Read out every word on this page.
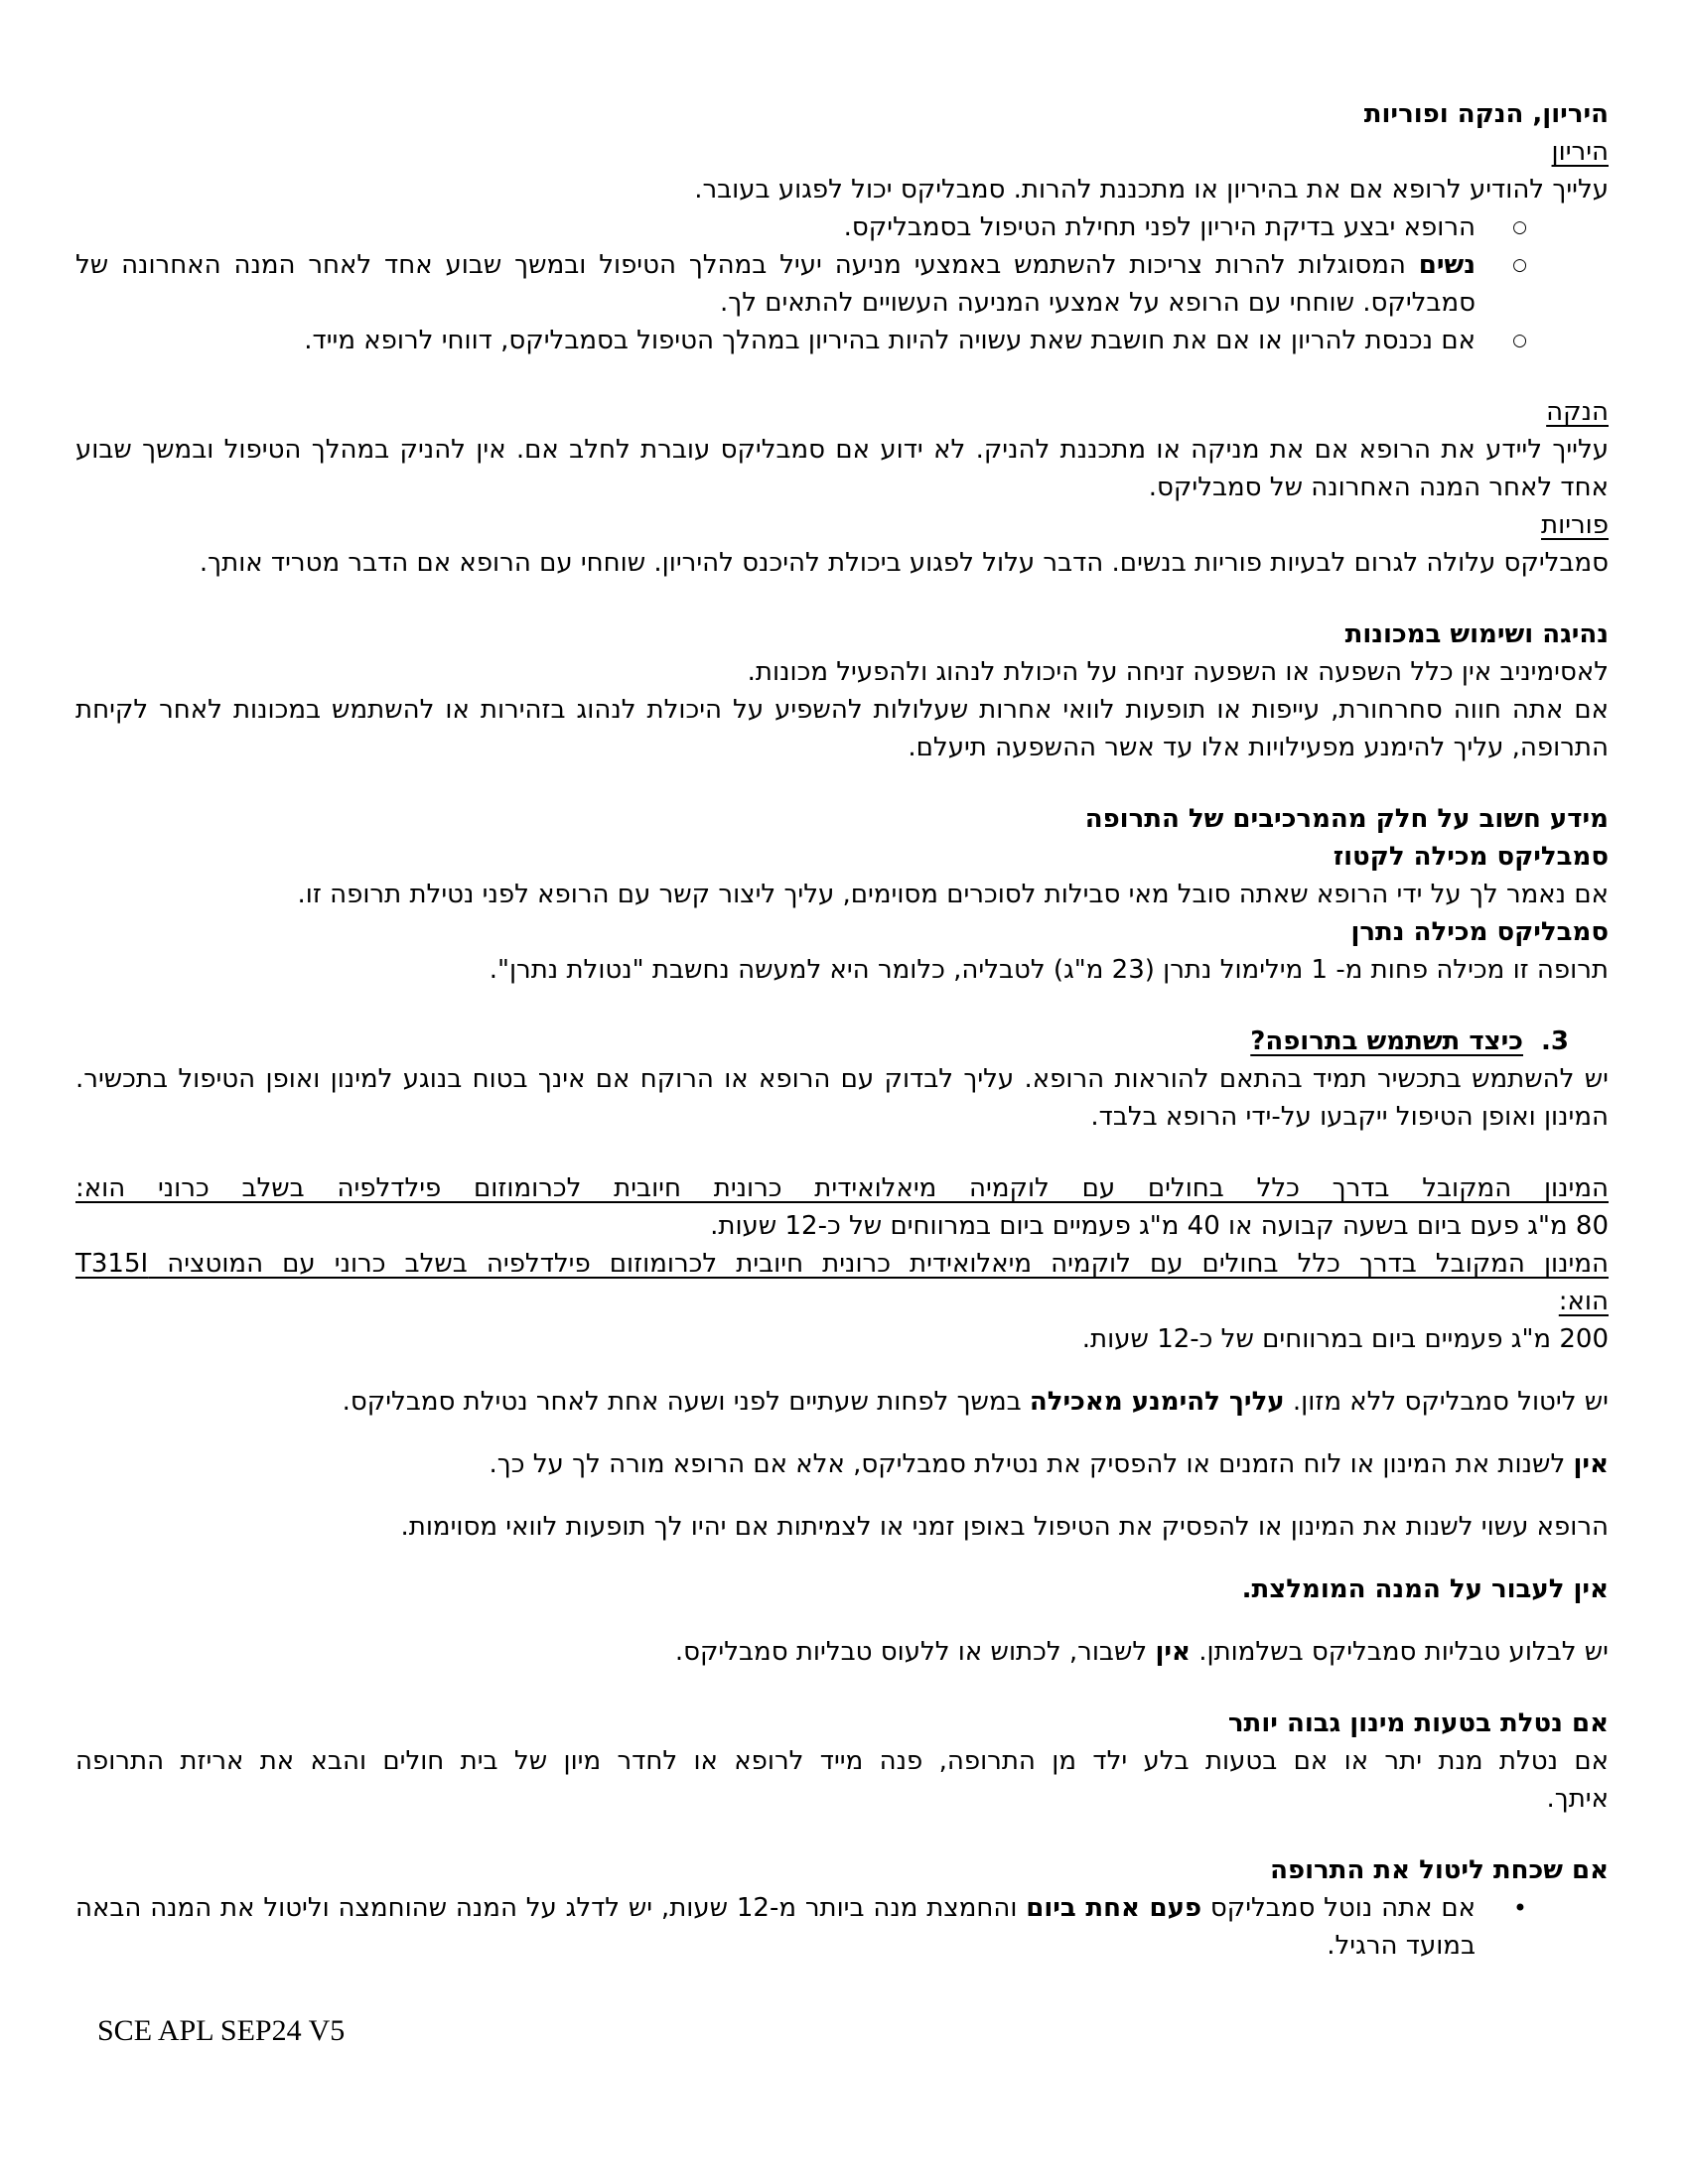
היריון, הנקה ופוריות
היריון
עלייך להודיע לרופא אם את בהיריון או מתכננת להרות. סמבליקס יכול לפגוע בעובר.
○
הרופא יבצע בדיקת היריון לפני תחילת הטיפול בסמבליקס.
○
נשים המסוגלות להרות צריכות להשתמש באמצעי מניעה יעיל במהלך הטיפול ובמשך שבוע אחד לאחר המנה האחרונה של סמבליקס. שוחחי עם הרופא על אמצעי המניעה העשויים להתאים לך.
○
אם נכנסת להריון או אם את חושבת שאת עשויה להיות בהיריון במהלך הטיפול בסמבליקס, דווחי לרופא מייד.
הנקה
עלייך ליידע את הרופא אם את מניקה או מתכננת להניק. לא ידוע אם סמבליקס עוברת לחלב אם. אין להניק במהלך הטיפול ובמשך שבוע אחד לאחר המנה האחרונה של סמבליקס.
פוריות
סמבליקס עלולה לגרום לבעיות פוריות בנשים. הדבר עלול לפגוע ביכולת להיכנס להיריון. שוחחי עם הרופא אם הדבר מטריד אותך.
נהיגה ושימוש במכונות
לאסימיניב אין כלל השפעה או השפעה זניחה על היכולת לנהוג ולהפעיל מכונות.
אם אתה חווה סחרחורת, עייפות או תופעות לוואי אחרות שעלולות להשפיע על היכולת לנהוג בזהירות או להשתמש במכונות לאחר לקיחת התרופה, עליך להימנע מפעילויות אלו עד אשר ההשפעה תיעלם.
מידע חשוב על חלק מהמרכיבים של התרופה
סמבליקס מכילה לקטוז
אם נאמר לך על ידי הרופא שאתה סובל מאי סבילות לסוכרים מסוימים, עליך ליצור קשר עם הרופא לפני נטילת תרופה זו.
סמבליקס מכילה נתרן
תרופה זו מכילה פחות מ- 1 מילימול נתרן (23 מ"ג) לטבליה, כלומר היא למעשה נחשבת "נטולת נתרן".
3.
כיצד תשתמש בתרופה?
יש להשתמש בתכשיר תמיד בהתאם להוראות הרופא. עליך לבדוק עם הרופא או הרוקח אם אינך בטוח בנוגע למינון ואופן הטיפול בתכשיר. המינון ואופן הטיפול ייקבעו על-ידי הרופא בלבד.
המינון המקובל בדרך כלל בחולים עם לוקמיה מיאלואידית כרונית חיובית לכרומוזום פילדלפיה בשלב כרוני הוא:
80 מ"ג פעם ביום בשעה קבועה או 40 מ"ג פעמיים ביום במרווחים של כ-12 שעות.
המינון המקובל בדרך כלל בחולים עם לוקמיה מיאלואידית כרונית חיובית לכרומוזום פילדלפיה בשלב כרוני עם המוטציה T315I
הוא:
200 מ"ג פעמיים ביום במרווחים של כ-12 שעות.
יש ליטול סמבליקס ללא מזון. עליך להימנע מאכילה במשך לפחות שעתיים לפני ושעה אחת לאחר נטילת סמבליקס.
אין לשנות את המינון או לוח הזמנים או להפסיק את נטילת סמבליקס, אלא אם הרופא מורה לך על כך.
הרופא עשוי לשנות את המינון או להפסיק את הטיפול באופן זמני או לצמיתות אם יהיו לך תופעות לוואי מסוימות.
אין לעבור על המנה המומלצת.
יש לבלוע טבליות סמבליקס בשלמותן. אין לשבור, לכתוש או ללעוס טבליות סמבליקס.
אם נטלת בטעות מינון גבוה יותר
אם נטלת מנת יתר או אם בטעות בלע ילד מן התרופה, פנה מייד לרופא או לחדר מיון של בית חולים והבא את אריזת התרופה
איתך.
אם שכחת ליטול את התרופה
•
אם אתה נוטל סמבליקס פעם אחת ביום והחמצת מנה ביותר מ-12 שעות, יש לדלג על המנה שהוחמצה וליטול את המנה הבאה במועד הרגיל.
SCE APL SEP24 V5
